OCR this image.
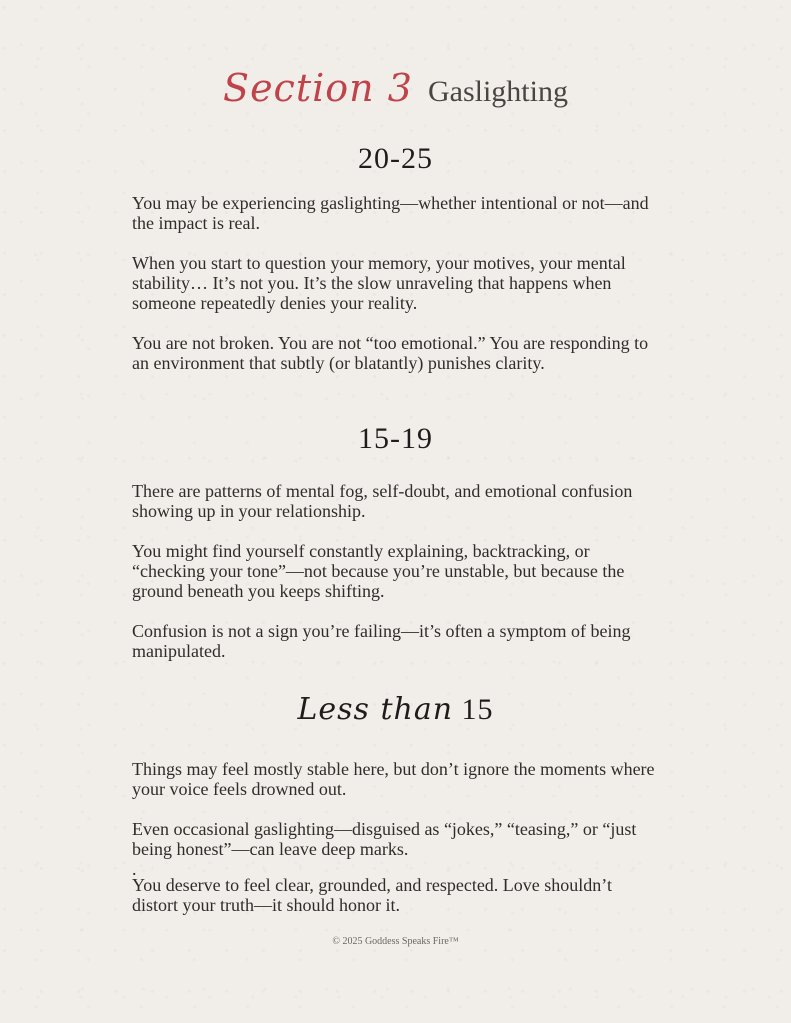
Section 3 Gaslighting
20-25

You may be experiencing gaslighting—whether intentional or not—and the impact is real.

When you start to question your memory, your motives, your mental stability… It’s not you. It’s the slow unraveling that happens when someone repeatedly denies your reality.

You are not broken. You are not “too emotional.” You are responding to an environment that subtly (or blatantly) punishes clarity.

15-19

There are patterns of mental fog, self-doubt, and emotional confusion showing up in your relationship.

You might find yourself constantly explaining, backtracking, or “checking your tone”—not because you’re unstable, but because the ground beneath you keeps shifting.

Confusion is not a sign you’re failing—it’s often a symptom of being manipulated.

Less than 15

Things may feel mostly stable here, but don’t ignore the moments where your voice feels drowned out.

Even occasional gaslighting—disguised as “jokes,” “teasing,” or “just being honest”—can leave deep marks.

.

You deserve to feel clear, grounded, and respected. Love shouldn’t distort your truth—it should honor it.

© 2025 Goddess Speaks Fire™
